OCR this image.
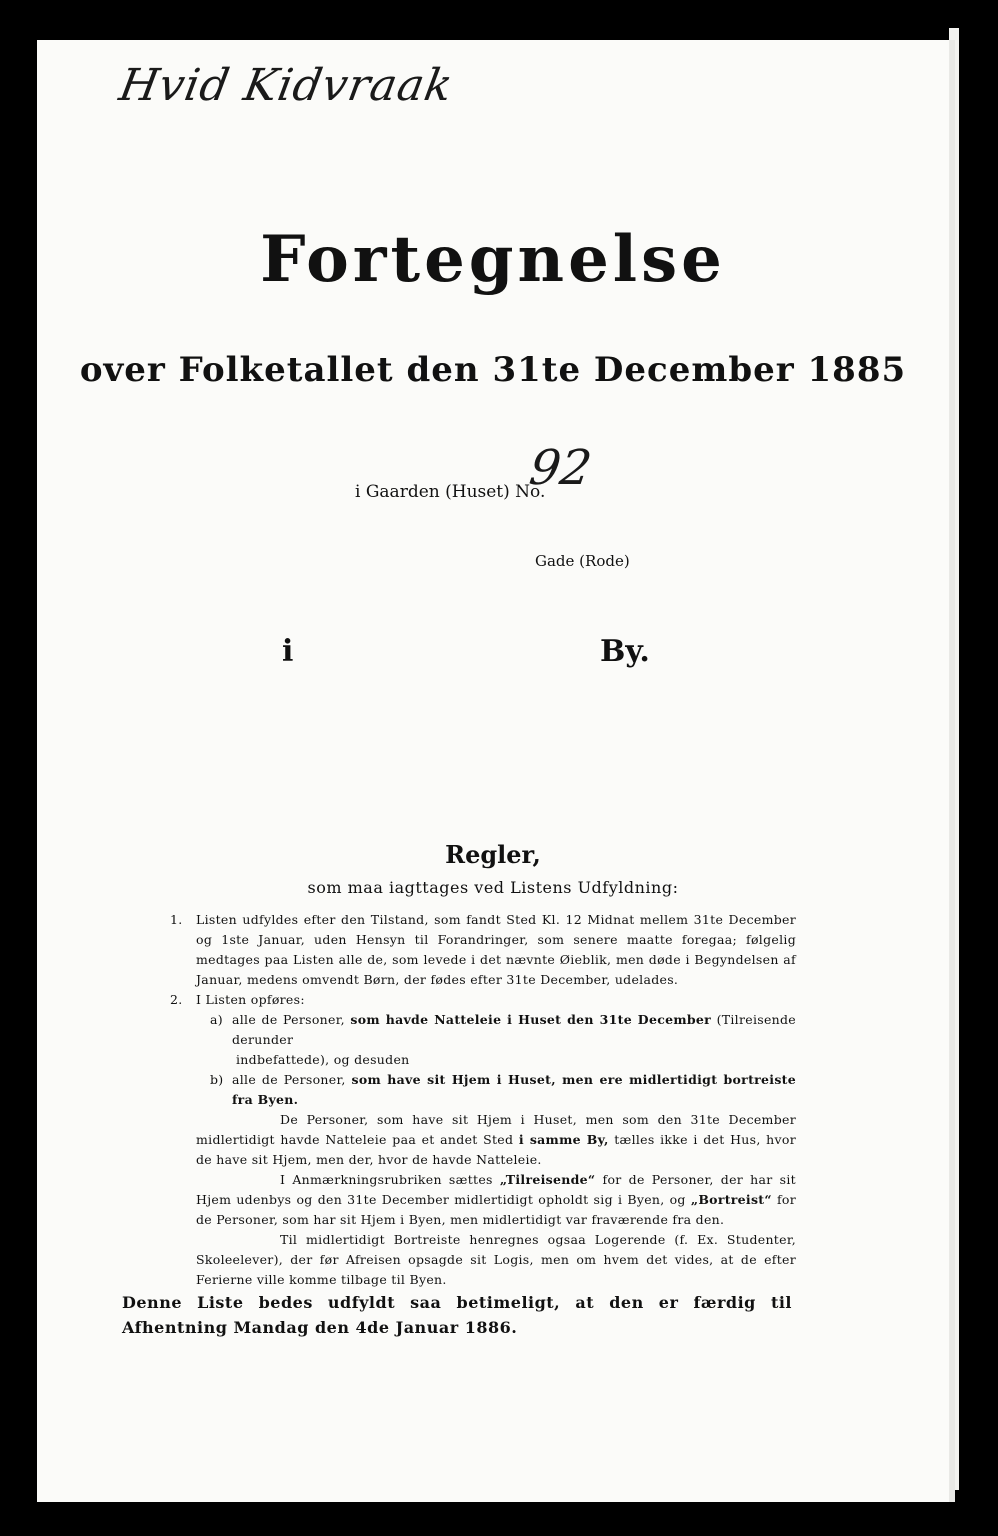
Hvid Kidvraak
Fortegnelse
over Folketallet den 31te December 1885
i Gaarden (Huset) No.
92
Gade (Rode)
i	By.
Regler,
som maa iagttages ved Listens Udfyldning:
1.	Listen udfyldes efter den Tilstand, som fandt Sted Kl. 12 Midnat mellem 31te December og 1ste Januar, uden Hensyn til Forandringer, som senere maatte foregaa; følgelig medtages paa Listen alle de, som levede i det nævnte Øieblik, men døde i Begyndelsen af Januar, medens omvendt Børn, der fødes efter 31te December, udelades.
2.	I Listen opføres:
a) alle de Personer, som havde Natteleie i Huset den 31te December (Tilreisende derunder
indbefattede), og desuden
b) alle de Personer, som have sit Hjem i Huset, men ere midlertidigt bortreiste fra Byen.
De Personer, som have sit Hjem i Huset, men som den 31te December midlertidigt havde Natteleie paa et andet Sted i samme By, tælles ikke i det Hus, hvor de have sit Hjem, men der, hvor de havde Natteleie.
I Anmærkningsrubriken sættes „Tilreisende“ for de Personer, der har sit Hjem udenbys og den 31te December midlertidigt opholdt sig i Byen, og „Bortreist“ for de Personer, som har sit Hjem i Byen, men midlertidigt var fraværende fra den.
Til midlertidigt Bortreiste henregnes ogsaa Logerende (f. Ex. Studenter, Skoleelever), der før Afreisen opsagde sit Logis, men om hvem det vides, at de efter Ferierne ville komme tilbage til Byen.
Denne Liste bedes udfyldt saa betimeligt, at den er færdig til Afhentning Mandag den 4de Januar 1886.
